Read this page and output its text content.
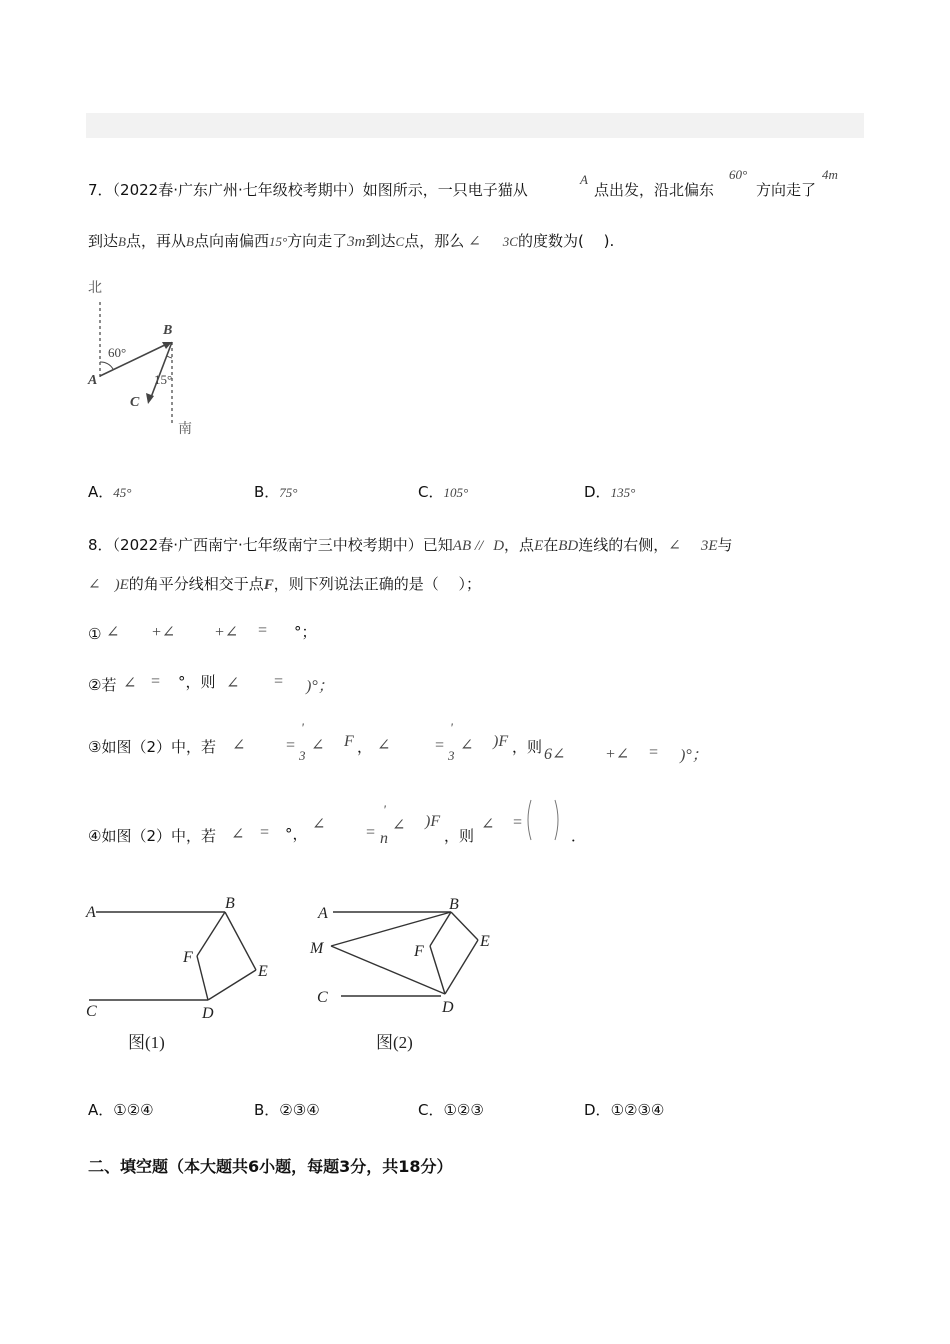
7．（2022春·广东广州·七年级校考期中）如图所示，一只电子猫从
A
点出发，沿北偏东
60°
方向走了
4m
到达B点，再从B点向南偏西15°方向走了3m到达C点，那么 ∠ 3C的度数为(　 ).
北
南
A
B
C
60°
15°
A．45°	B．75°	C．105°	D．135°
8．（2022春·广西南宁·七年级南宁三中校考期中）已知AB // D，点E在BD连线的右侧，∠ 3E与
∠ )E的角平分线相交于点F，则下列说法正确的是（　 ）；
① ∠ +∠ +∠ = °；
②若 ∠ = °，则 ∠ = )°；
③如图（2）中，若 ∠ =
'
3
∠ F ， ∠	=
'
3
∠ )F ，则 6∠ +∠ = )°；
④如图（2）中，若 ∠ = °，
∠ =
'
n
∠ )F
，则
∠ =
．
A
B
C	D
E
F
图(1)
A
B
C
D
E
F
M
图(2)
A．①②④	B．②③④	C．①②③	D．①②③④
二、填空题（本大题共6小题，每题3分，共18分）
